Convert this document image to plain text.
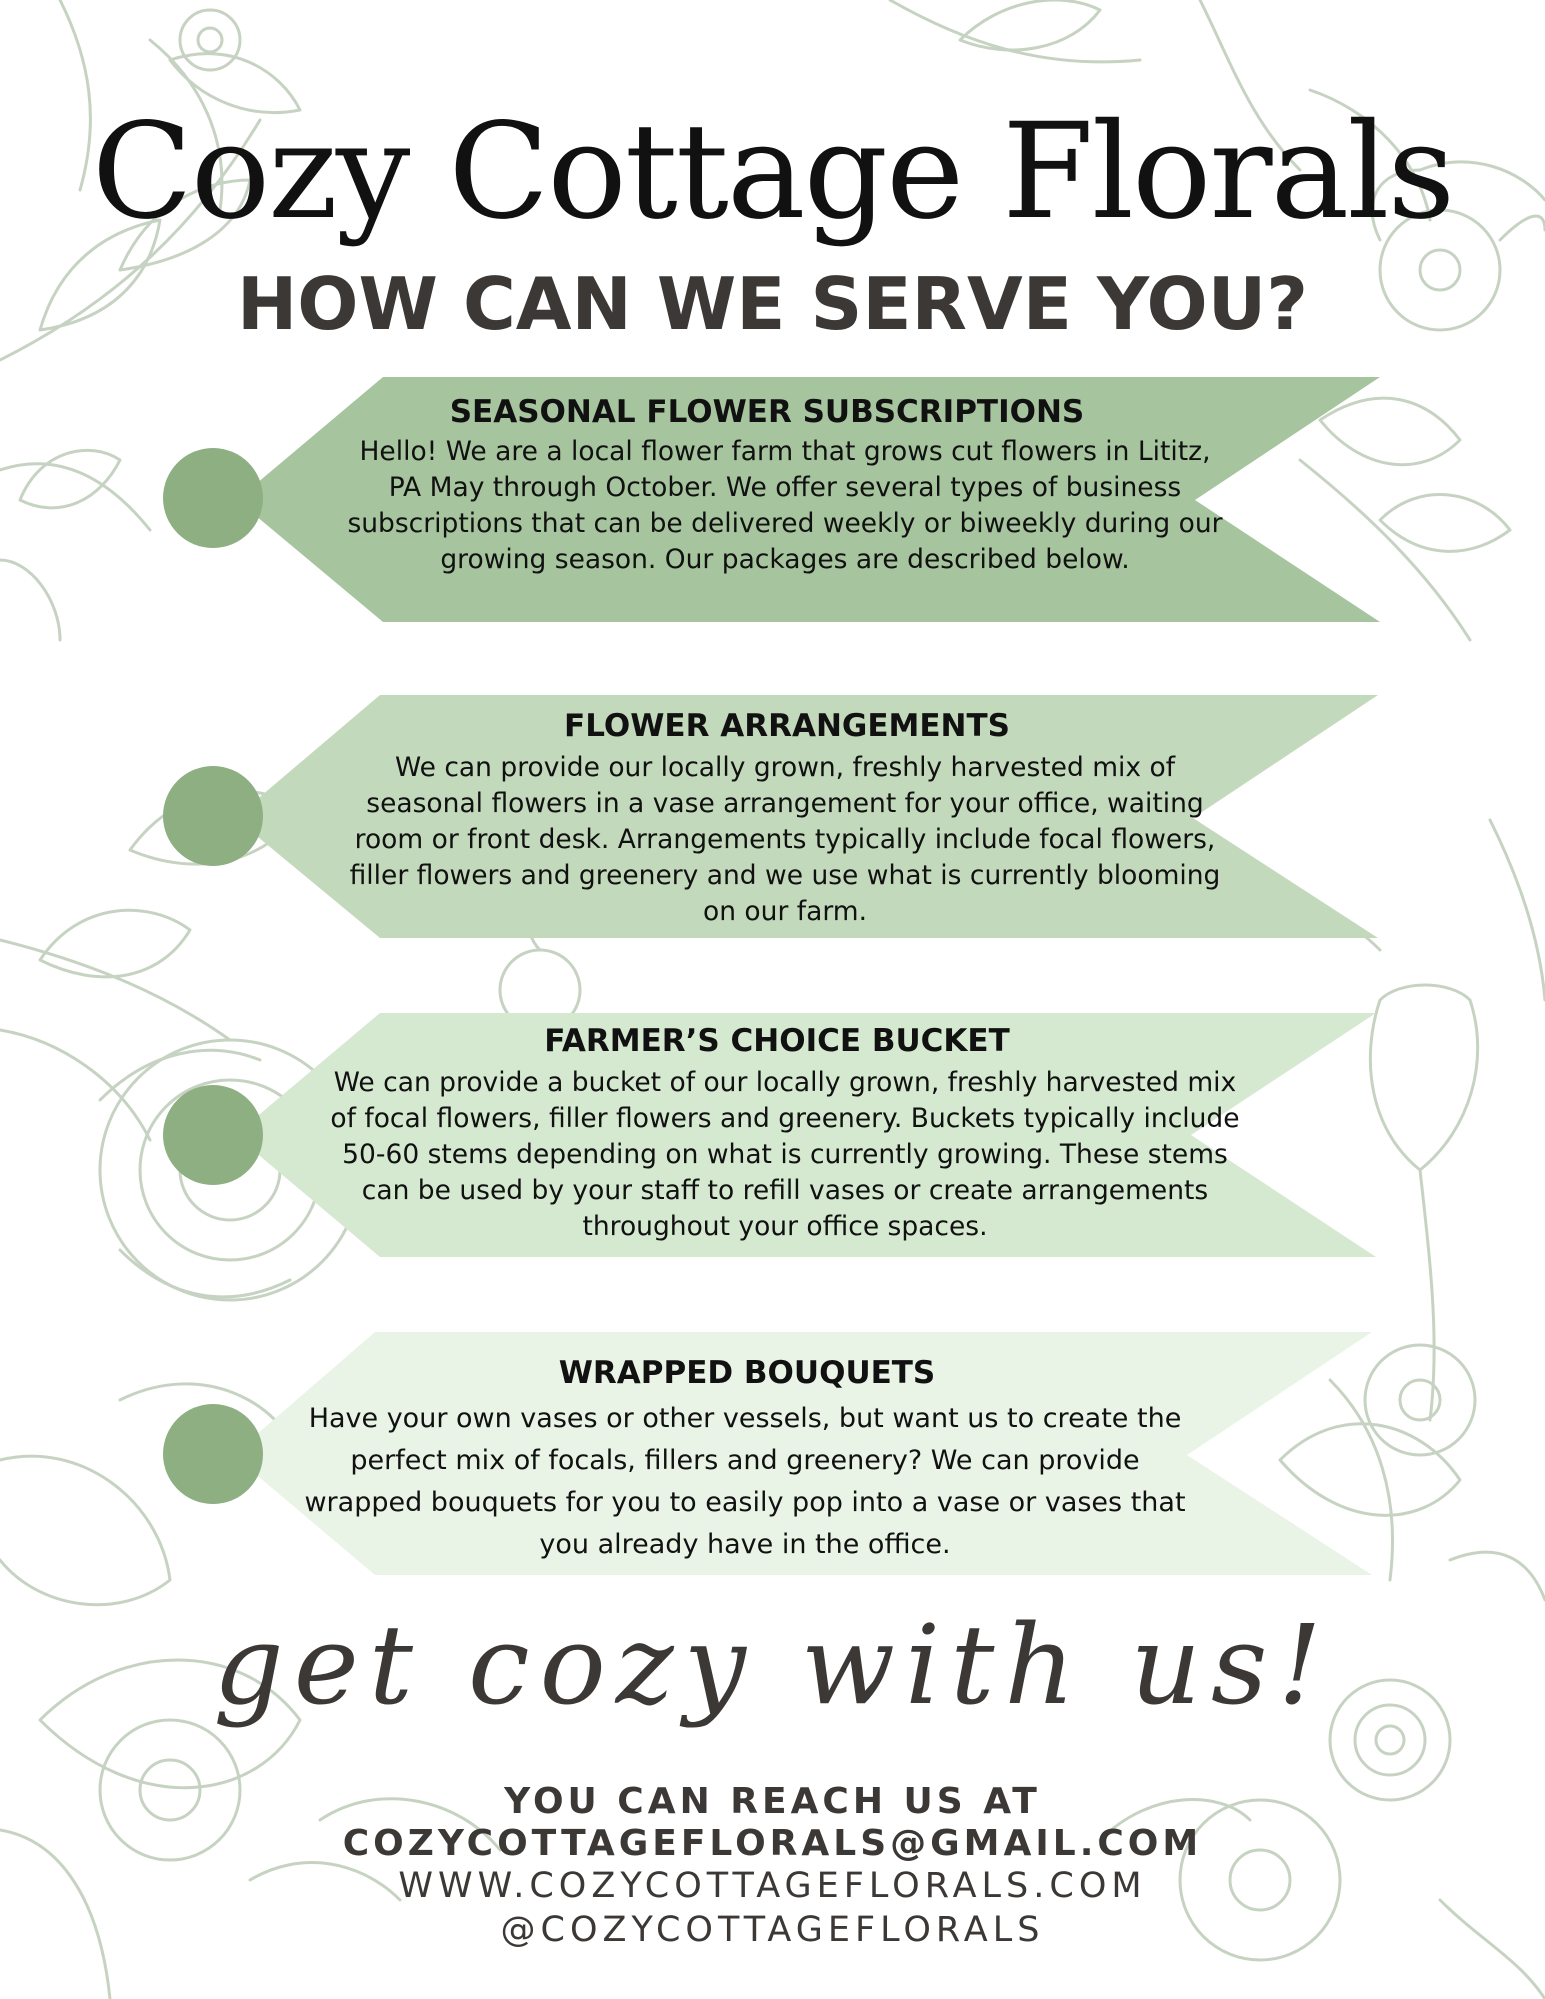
Cozy Cottage Florals
HOW CAN WE SERVE YOU?
SEASONAL FLOWER SUBSCRIPTIONS
Hello! We are a local flower farm that grows cut flowers in Lititz, PA May through October. We offer several types of business subscriptions that can be delivered weekly or biweekly during our growing season. Our packages are described below.
FLOWER ARRANGEMENTS
We can provide our locally grown, freshly harvested mix of seasonal flowers in a vase arrangement for your office, waiting room or front desk. Arrangements typically include focal flowers, filler flowers and greenery and we use what is currently blooming on our farm.
FARMER’S CHOICE BUCKET
We can provide a bucket of our locally grown, freshly harvested mix of focal flowers, filler flowers and greenery. Buckets typically include 50-60 stems depending on what is currently growing. These stems can be used by your staff to refill vases or create arrangements throughout your office spaces.
WRAPPED BOUQUETS
Have your own vases or other vessels, but want us to create the perfect mix of focals, fillers and greenery? We can provide wrapped bouquets for you to easily pop into a vase or vases that you already have in the office.
get cozy with us!
YOU CAN REACH US AT
COZYCOTTAGEFLORALS@GMAIL.COM
WWW.COZYCOTTAGEFLORALS.COM
@COZYCOTTAGEFLORALS
